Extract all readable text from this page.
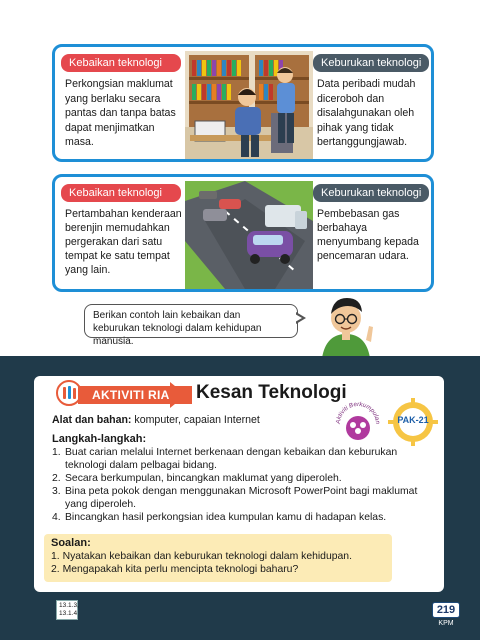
Kebaikan teknologi

Perkongsian maklumat yang berlaku secara pantas dan tanpa batas dapat menjimatkan masa.

Keburukan teknologi

Data peribadi mudah diceroboh dan disalahgunakan oleh pihak yang tidak bertanggungjawab.

Kebaikan teknologi

Pertambahan kenderaan berenjin memudahkan pergerakan dari satu tempat ke satu tempat yang lain.

Keburukan teknologi

Pembebasan gas berbahaya menyumbang kepada pencemaran udara.

Berikan contoh lain kebaikan dan keburukan teknologi dalam kehidupan manusia.
AKTIVITI RIA	Kesan Teknologi
Alat dan bahan: komputer, capaian Internet
Langkah-langkah:
1. Buat carian melalui Internet berkenaan dengan kebaikan dan keburukan teknologi dalam pelbagai bidang.
2. Secara berkumpulan, bincangkan maklumat yang diperoleh.
3. Bina peta pokok dengan menggunakan Microsoft PowerPoint bagi maklumat yang diperoleh.
4. Bincangkan hasil perkongsian idea kumpulan kamu di hadapan kelas.
Soalan:
1. Nyatakan kebaikan dan keburukan teknologi dalam kehidupan.
2. Mengapakah kita perlu mencipta teknologi baharu?
Aktiviti Berkumpulan PAK-21
13.1.3,
13.1.4	219
KPM
